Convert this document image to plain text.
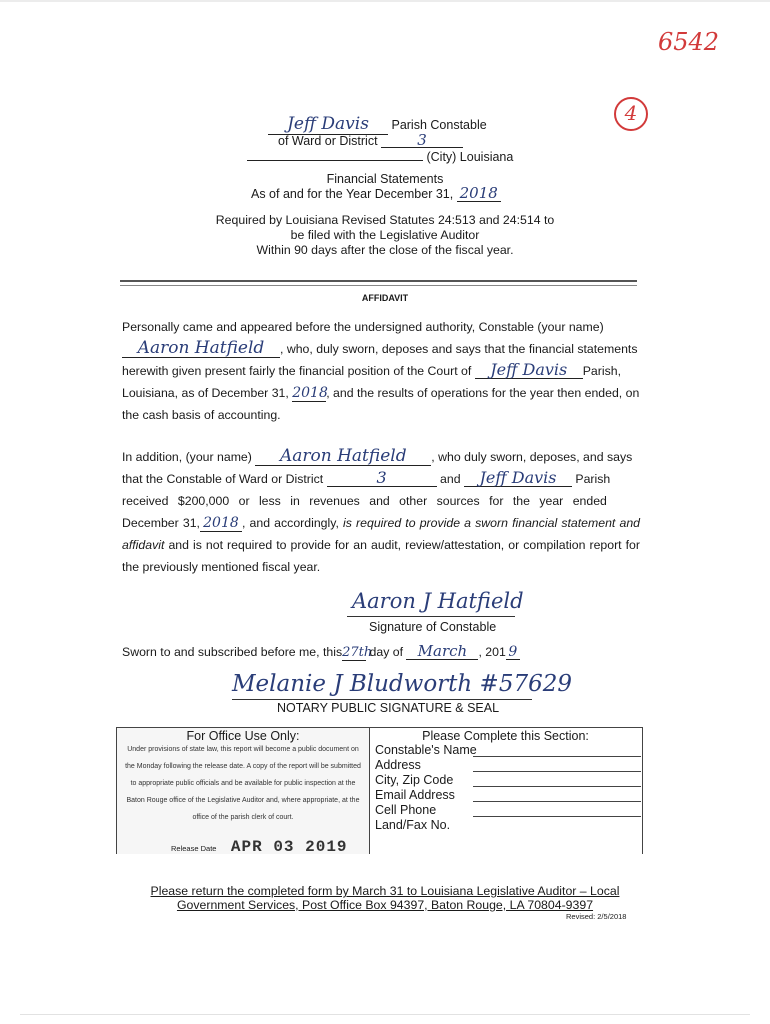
6542
4
Jeff Davis Parish Constable
of Ward or District	3
(City) Louisiana
Financial Statements
As of and for the Year December 31, 2018
Required by Louisiana Revised Statutes 24:513 and 24:514 to
be filed with the Legislative Auditor
Within 90 days after the close of the fiscal year.
AFFIDAVIT
Personally came and appeared before the undersigned authority, Constable (your name)
Aaron Hatfield , who, duly sworn, deposes and says that the financial statements
herewith given present fairly the financial position of the Court of Jeff Davis Parish,
Louisiana, as of December 31, 2018, and the results of operations for the year then ended, on
the cash basis of accounting.
In addition, (your name) Aaron Hatfield , who duly sworn, deposes, and says
that the Constable of Ward or District	3	and Jeff Davis Parish
received $200,000 or less in revenues and other sources for the year ended
December 31, 2018 , and accordingly, is required to provide a sworn financial statement and affidavit and is not required to provide for an audit, review/attestation, or compilation report for the previously mentioned fiscal year.
Aaron J Hatfield
Signature of Constable
Sworn to and subscribed before me, this27th day of March , 201 9
Melanie J Bludworth #57629
NOTARY PUBLIC SIGNATURE & SEAL
For Office Use Only:
Under provisions of state law, this report will become a public document on the Monday following the release date. A copy of the report will be submitted to appropriate public officials and be available for public inspection at the Baton Rouge office of the Legislative Auditor and, where appropriate, at the office of the parish clerk of court.
Release Date APR 03 2019
Please Complete this Section:
Constable's Name
Address
City, Zip Code
Email Address
Cell Phone
Land/Fax No.
Please return the completed form by March 31 to Louisiana Legislative Auditor – Local
Government Services, Post Office Box 94397, Baton Rouge, LA 70804-9397
Revised: 2/5/2018
